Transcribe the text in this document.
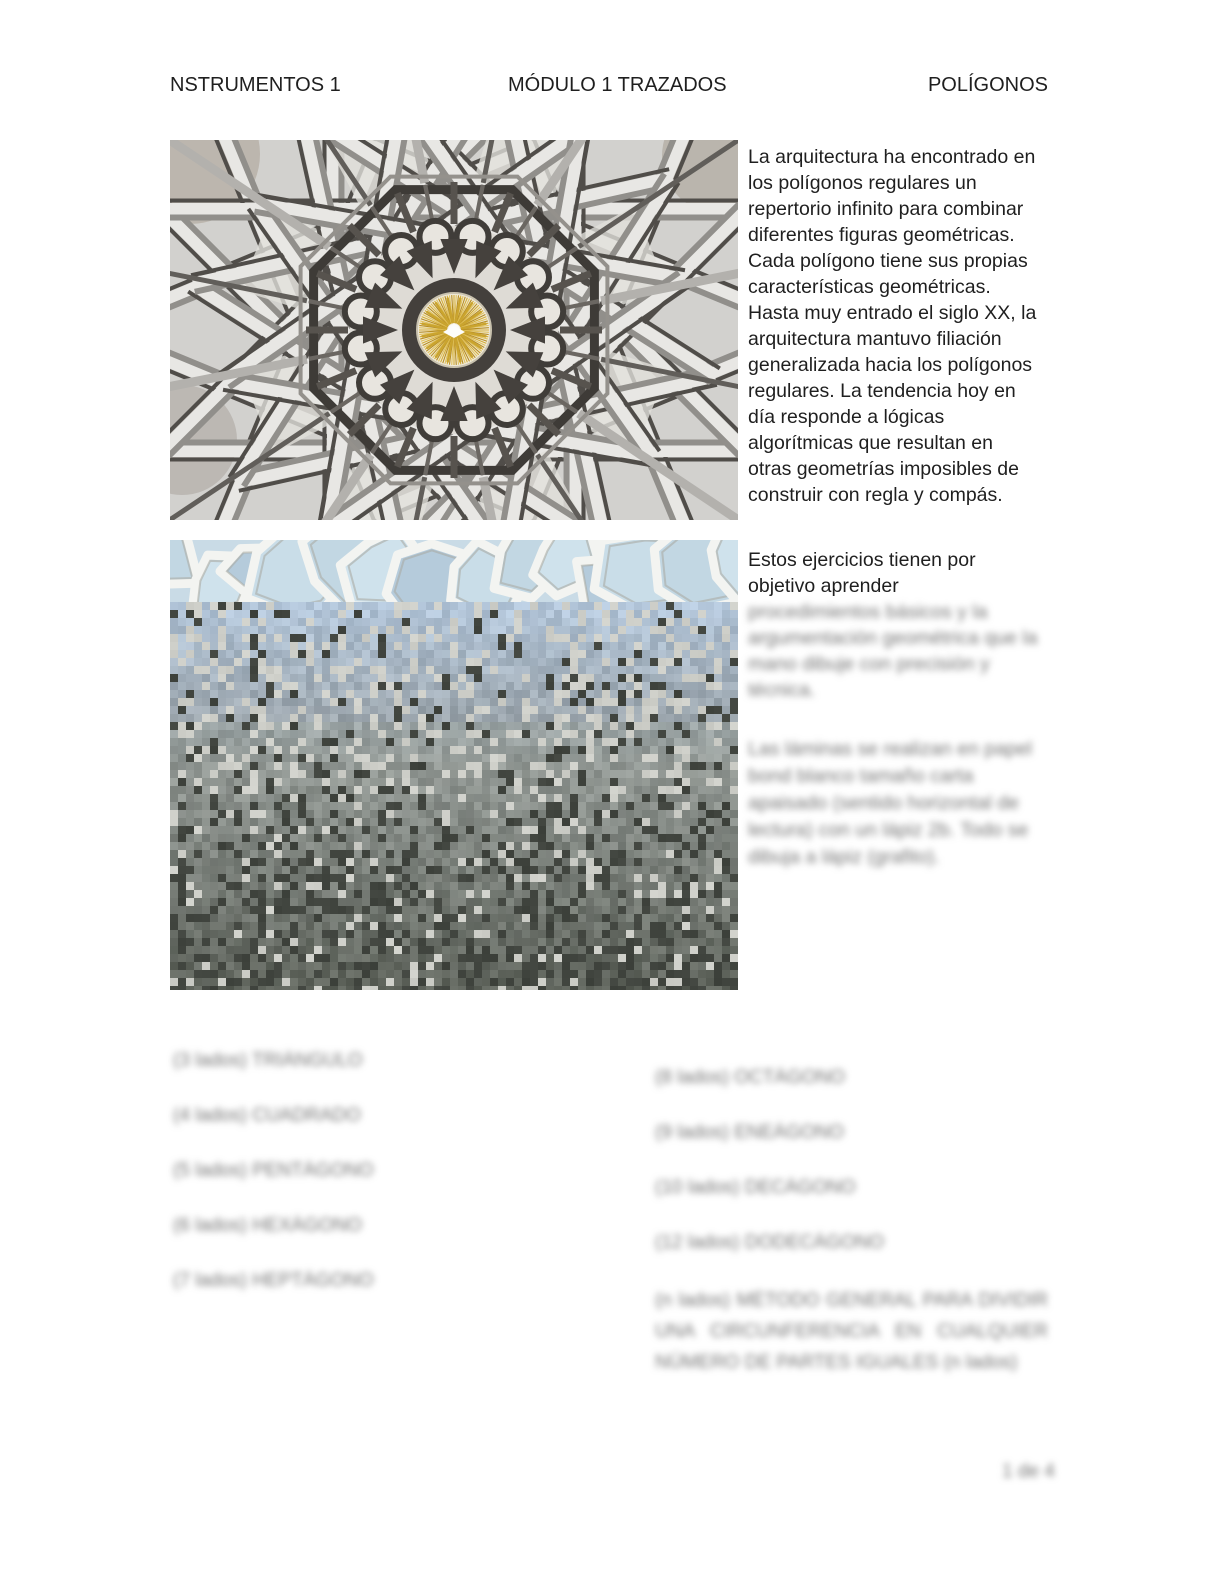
NSTRUMENTOS 1	MÓDULO 1 TRAZADOS	POLÍGONOS
La arquitectura ha encontrado en
los polígonos regulares un
repertorio infinito para combinar
diferentes figuras geométricas.
Cada polígono tiene sus propias
características geométricas.
Hasta muy entrado el siglo XX, la
arquitectura mantuvo filiación
generalizada hacia los polígonos
regulares. La tendencia hoy en
día responde a lógicas
algorítmicas que resultan en
otras geometrías imposibles de
construir con regla y compás.
Estos ejercicios tienen por
objetivo aprender
procedimientos básicos y la
argumentación geométrica que la
mano dibuje con precisión y
técnica.
Las láminas se realizan en papel
bond blanco tamaño carta
apaisado (sentido horizontal de
lectura) con un lápiz 2b. Todo se
dibuja a lápiz (grafito).
(3 lados) TRIÁNGULO
(4 lados) CUADRADO
(5 lados) PENTÁGONO
(6 lados) HEXÁGONO
(7 lados) HEPTÁGONO
(8 lados) OCTÁGONO
(9 lados) ENEÁGONO
(10 lados) DECÁGONO
(12 lados) DODECÁGONO
(n lados) MÉTODO GENERAL PARA DIVIDIR UNA CIRCUNFERENCIA EN CUALQUIER NÚMERO DE PARTES IGUALES (n lados)
1 de 4
